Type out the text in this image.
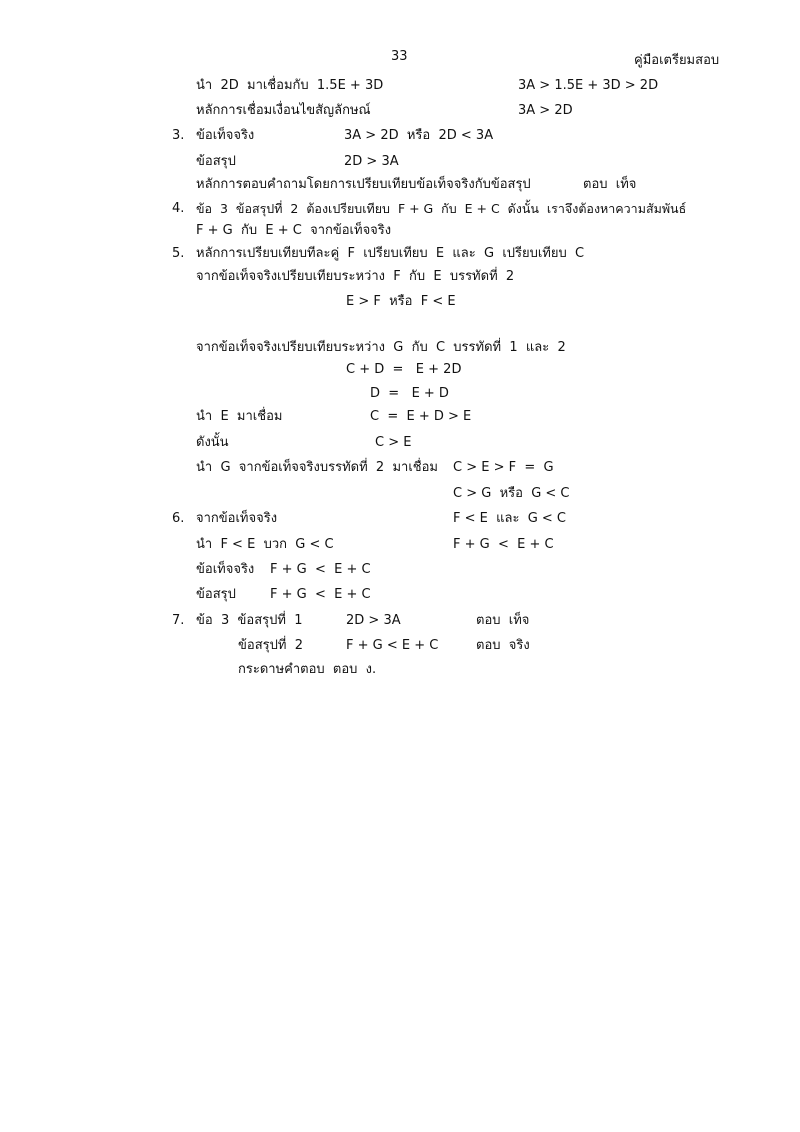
33	คู่มือเตรียมสอบ
นำ  2D  มาเชื่อมกับ  1.5E + 3D	3A > 1.5E + 3D > 2D
หลักการเชื่อมเงื่อนไขสัญลักษณ์	3A > 2D
3. ข้อเท็จจริง	3A > 2D  หรือ  2D < 3A
ข้อสรุป	2D > 3A
หลักการตอบคำถามโดยการเปรียบเทียบข้อเท็จจริงกับข้อสรุป	ตอบ  เท็จ
4. ข้อ  3  ข้อสรุปที่  2  ต้องเปรียบเทียบ  F + G  กับ  E + C  ดังนั้น  เราจึงต้องหาความสัมพันธ์
F + G  กับ  E + C  จากข้อเท็จจริง
5. หลักการเปรียบเทียบทีละคู่  F  เปรียบเทียบ  E  และ  G  เปรียบเทียบ  C
จากข้อเท็จจริงเปรียบเทียบระหว่าง  F  กับ  E  บรรทัดที่  2
E > F  หรือ  F < E
จากข้อเท็จจริงเปรียบเทียบระหว่าง  G  กับ  C  บรรทัดที่  1  และ  2
C + D  =   E + 2D
D  =   E + D
นำ  E  มาเชื่อม	C  =  E + D > E
ดังนั้น	C > E
นำ  G  จากข้อเท็จจริงบรรทัดที่  2  มาเชื่อม C > E > F  =  G
C > G  หรือ  G < C
6. จากข้อเท็จจริง	F < E  และ  G < C
นำ  F < E  บวก  G < C	F + G  <  E + C
ข้อเท็จจริง F + G  <  E + C
ข้อสรุป	F + G  <  E + C
7. ข้อ  3  ข้อสรุปที่  1	2D > 3A	ตอบ  เท็จ
ข้อสรุปที่  2	F + G < E + C	ตอบ  จริง
กระดาษคำตอบ  ตอบ  ง.
